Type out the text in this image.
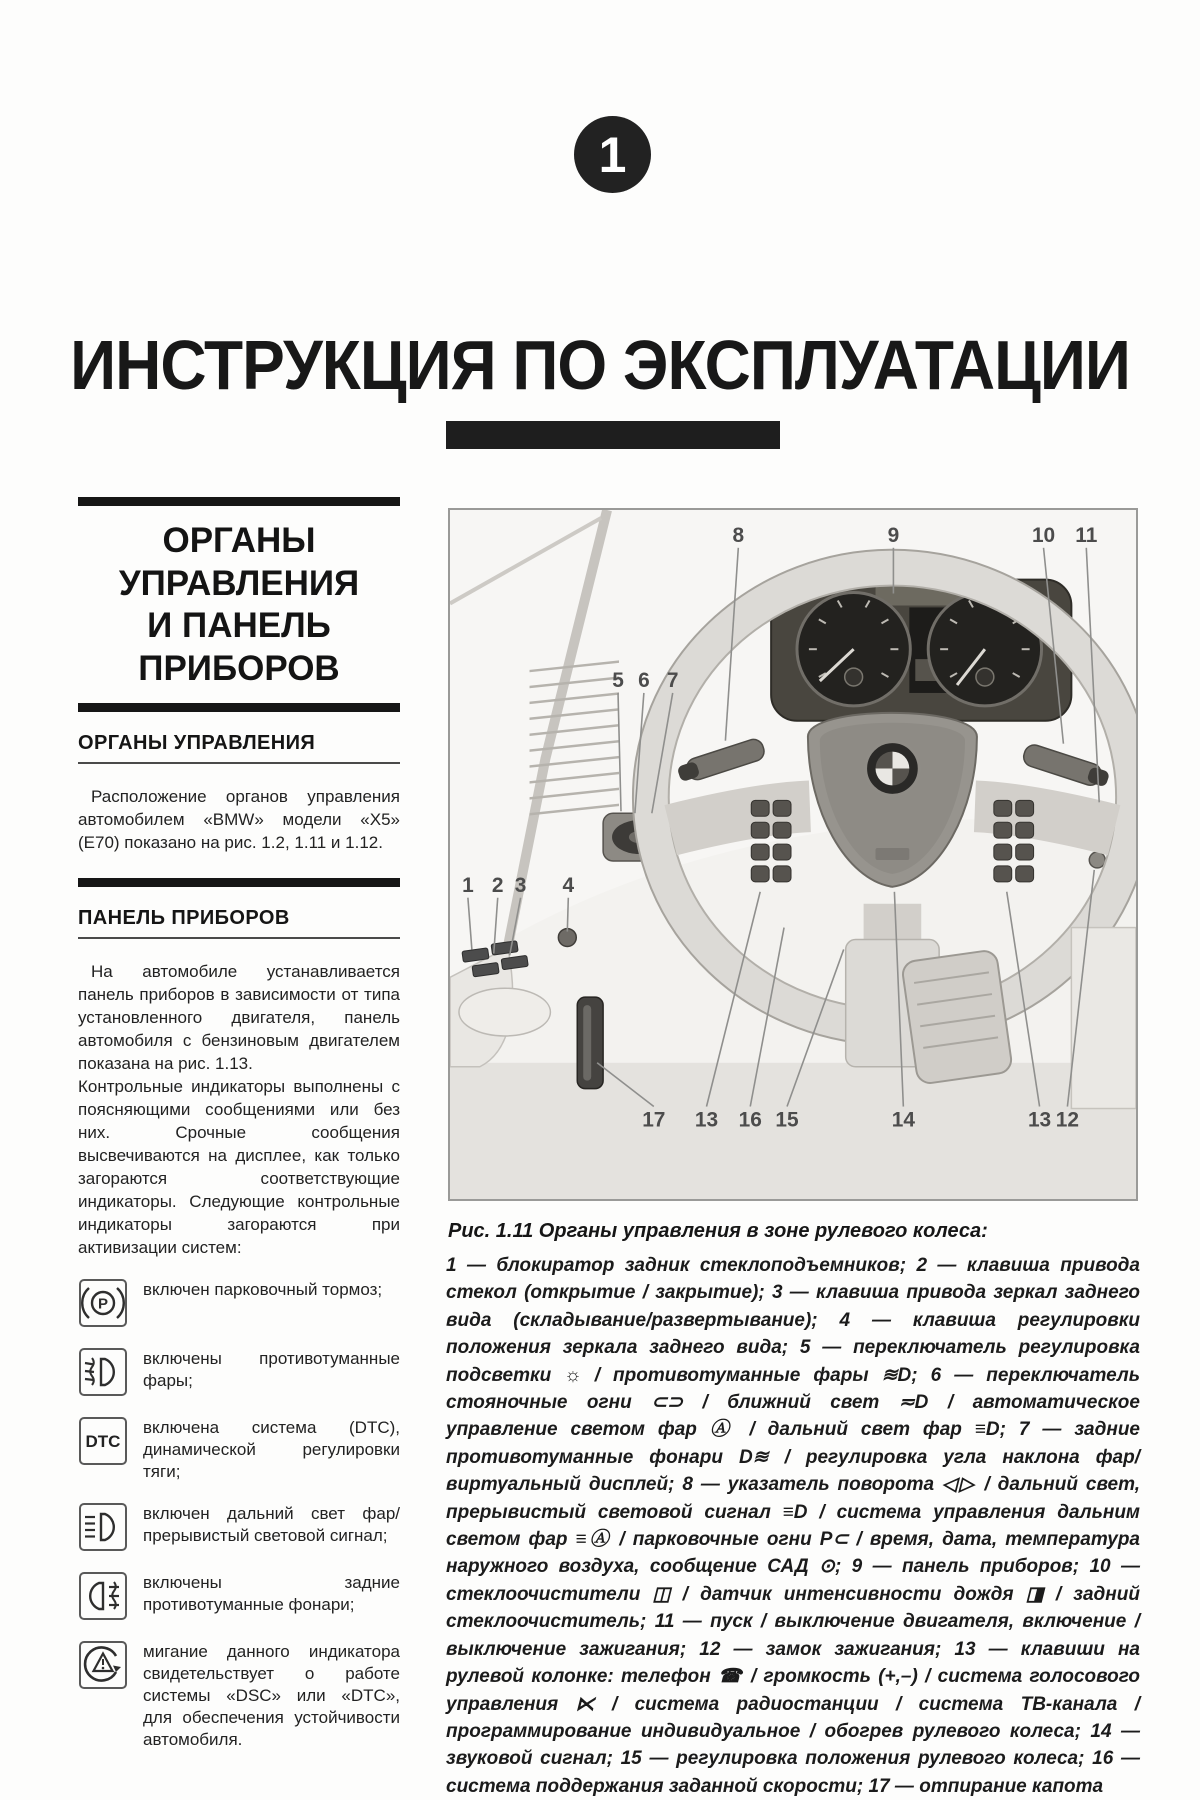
1
ИНСТРУКЦИЯ ПО ЭКСПЛУАТАЦИИ
ОРГАНЫ
УПРАВЛЕНИЯ
И ПАНЕЛЬ
ПРИБОРОВ
ОРГАНЫ УПРАВЛЕНИЯ

Расположение органов управления автомобилем «BMW» модели «X5» (E70) показано на рис. 1.2, 1.11 и 1.12.

ПАНЕЛЬ ПРИБОРОВ

На автомобиле устанавливается панель приборов в зависимости от типа установленного двигателя, панель автомобиля с бензиновым двигателем показана на рис. 1.13.

Контрольные индикаторы выполнены с поясняющими сообщениями или без них. Срочные сообщения высвечиваются на дисплее, как только загораются соответствующие индикаторы. Следующие контрольные индикаторы загораются при активизации систем:

P
включен парковочный тормоз;
включены противотуманные фары;
DTC
включена система (DTC), динамической регулировки тяги;
включен дальний свет фар/прерывистый световой сигнал;
включены задние противотуманные фонари;
мигание данного индикатора свидетельствует о работе системы «DSC» или «DTC», для обеспечения устойчивости автомобиля.
8	9	10 11
5 6 7
1 2 3 4
17 13 16 15	14	13 12

Рис. 1.11 Органы управления в зоне рулевого колеса:

1 — блокиратор задник стеклоподъемников; 2 — клавиша привода стекол (открытие / закрытие); 3 — клавиша привода зеркал заднего вида (складывание/развертывание); 4 — клавиша регулировки положения зеркала заднего вида; 5 — переключатель регулировка подсветки ☼ / противотуманные фары ≋D; 6 — переключатель стояночные огни ⊂⊃ / ближний свет ≂D / автоматическое управление светом фар Ⓐ / дальний свет фар ≡D; 7 — задние противотуманные фонари D≋ / регулировка угла наклона фар/ виртуальный дисплей; 8 — указатель поворота ◁▷ / дальний свет, прерывистый световой сигнал ≡D / система управления дальним светом фар ≡Ⓐ / парковочные огни P⊂ / время, дата, температура наружного воздуха, сообщение САД ⊙; 9 — панель приборов; 10 — стеклоочистители ◫ / датчик интенсивности дождя ◨ / задний стеклоочиститель; 11 — пуск / выключение двигателя, включение / выключение зажигания; 12 — замок зажигания; 13 — клавиши на рулевой колонке: телефон ☎ / громкость (+,–) / система голосового управления ⋉ / система радиостанции / система ТВ-канала / программирование индивидуальное / обогрев рулевого колеса; 14 — звуковой сигнал; 15 — регулировка положения рулевого колеса; 16 — система поддержания заданной скорости; 17 — отпирание капота
